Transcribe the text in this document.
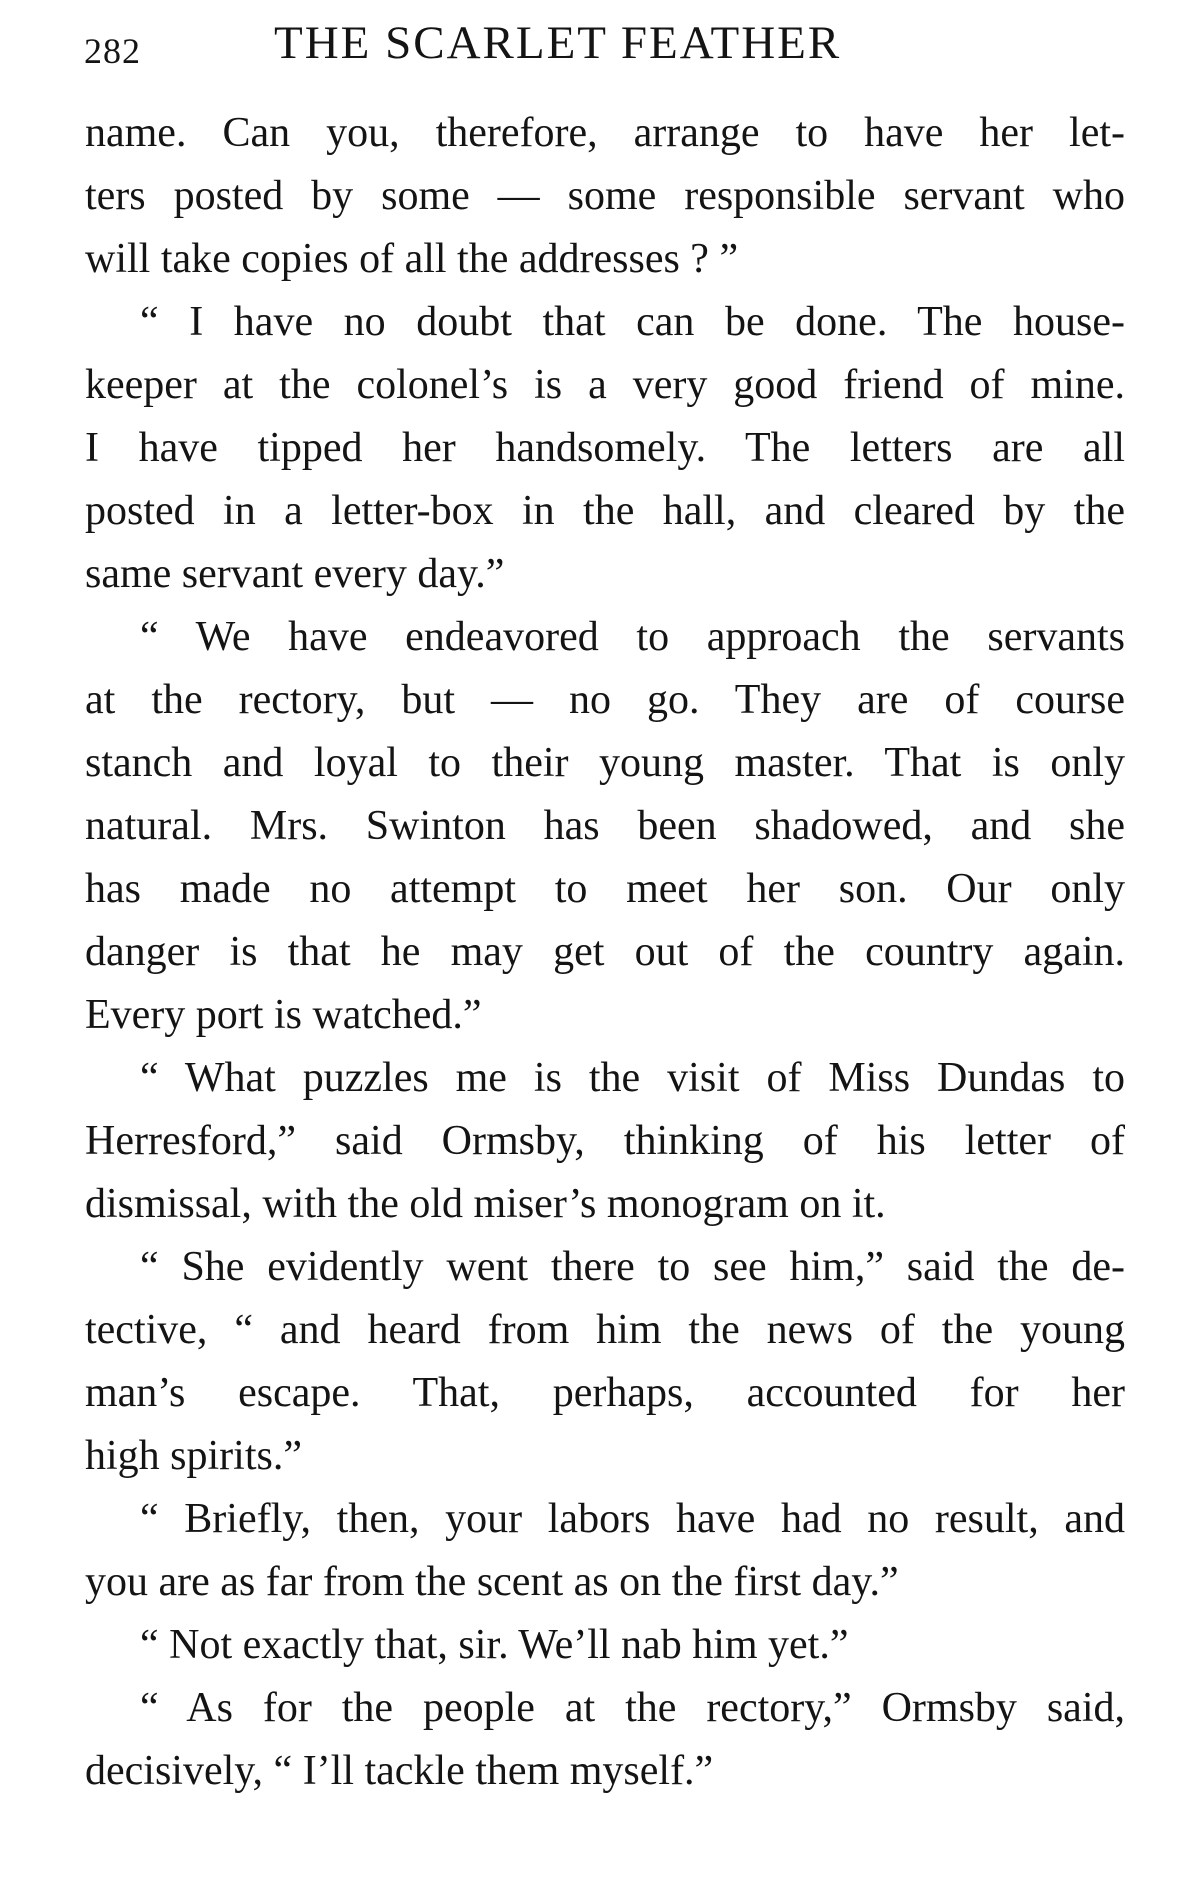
282	THE SCARLET FEATHER
name. Can you, therefore, arrange to have her let-
ters posted by some — some responsible servant who
will take copies of all the addresses ? ”
“ I have no doubt that can be done. The house-
keeper at the colonel’s is a very good friend of mine.
I have tipped her handsomely. The letters are all
posted in a letter-box in the hall, and cleared by the
same servant every day.”
“ We have endeavored to approach the servants
at the rectory, but — no go. They are of course
stanch and loyal to their young master. That is only
natural. Mrs. Swinton has been shadowed, and she
has made no attempt to meet her son. Our only
danger is that he may get out of the country again.
Every port is watched.”
“ What puzzles me is the visit of Miss Dundas to
Herresford,” said Ormsby, thinking of his letter of
dismissal, with the old miser’s monogram on it.
“ She evidently went there to see him,” said the de-
tective, “ and heard from him the news of the young
man’s escape. That, perhaps, accounted for her
high spirits.”
“ Briefly, then, your labors have had no result, and
you are as far from the scent as on the first day.”
“ Not exactly that, sir. We’ll nab him yet.”
“ As for the people at the rectory,” Ormsby said,
decisively, “ I’ll tackle them myself.”
